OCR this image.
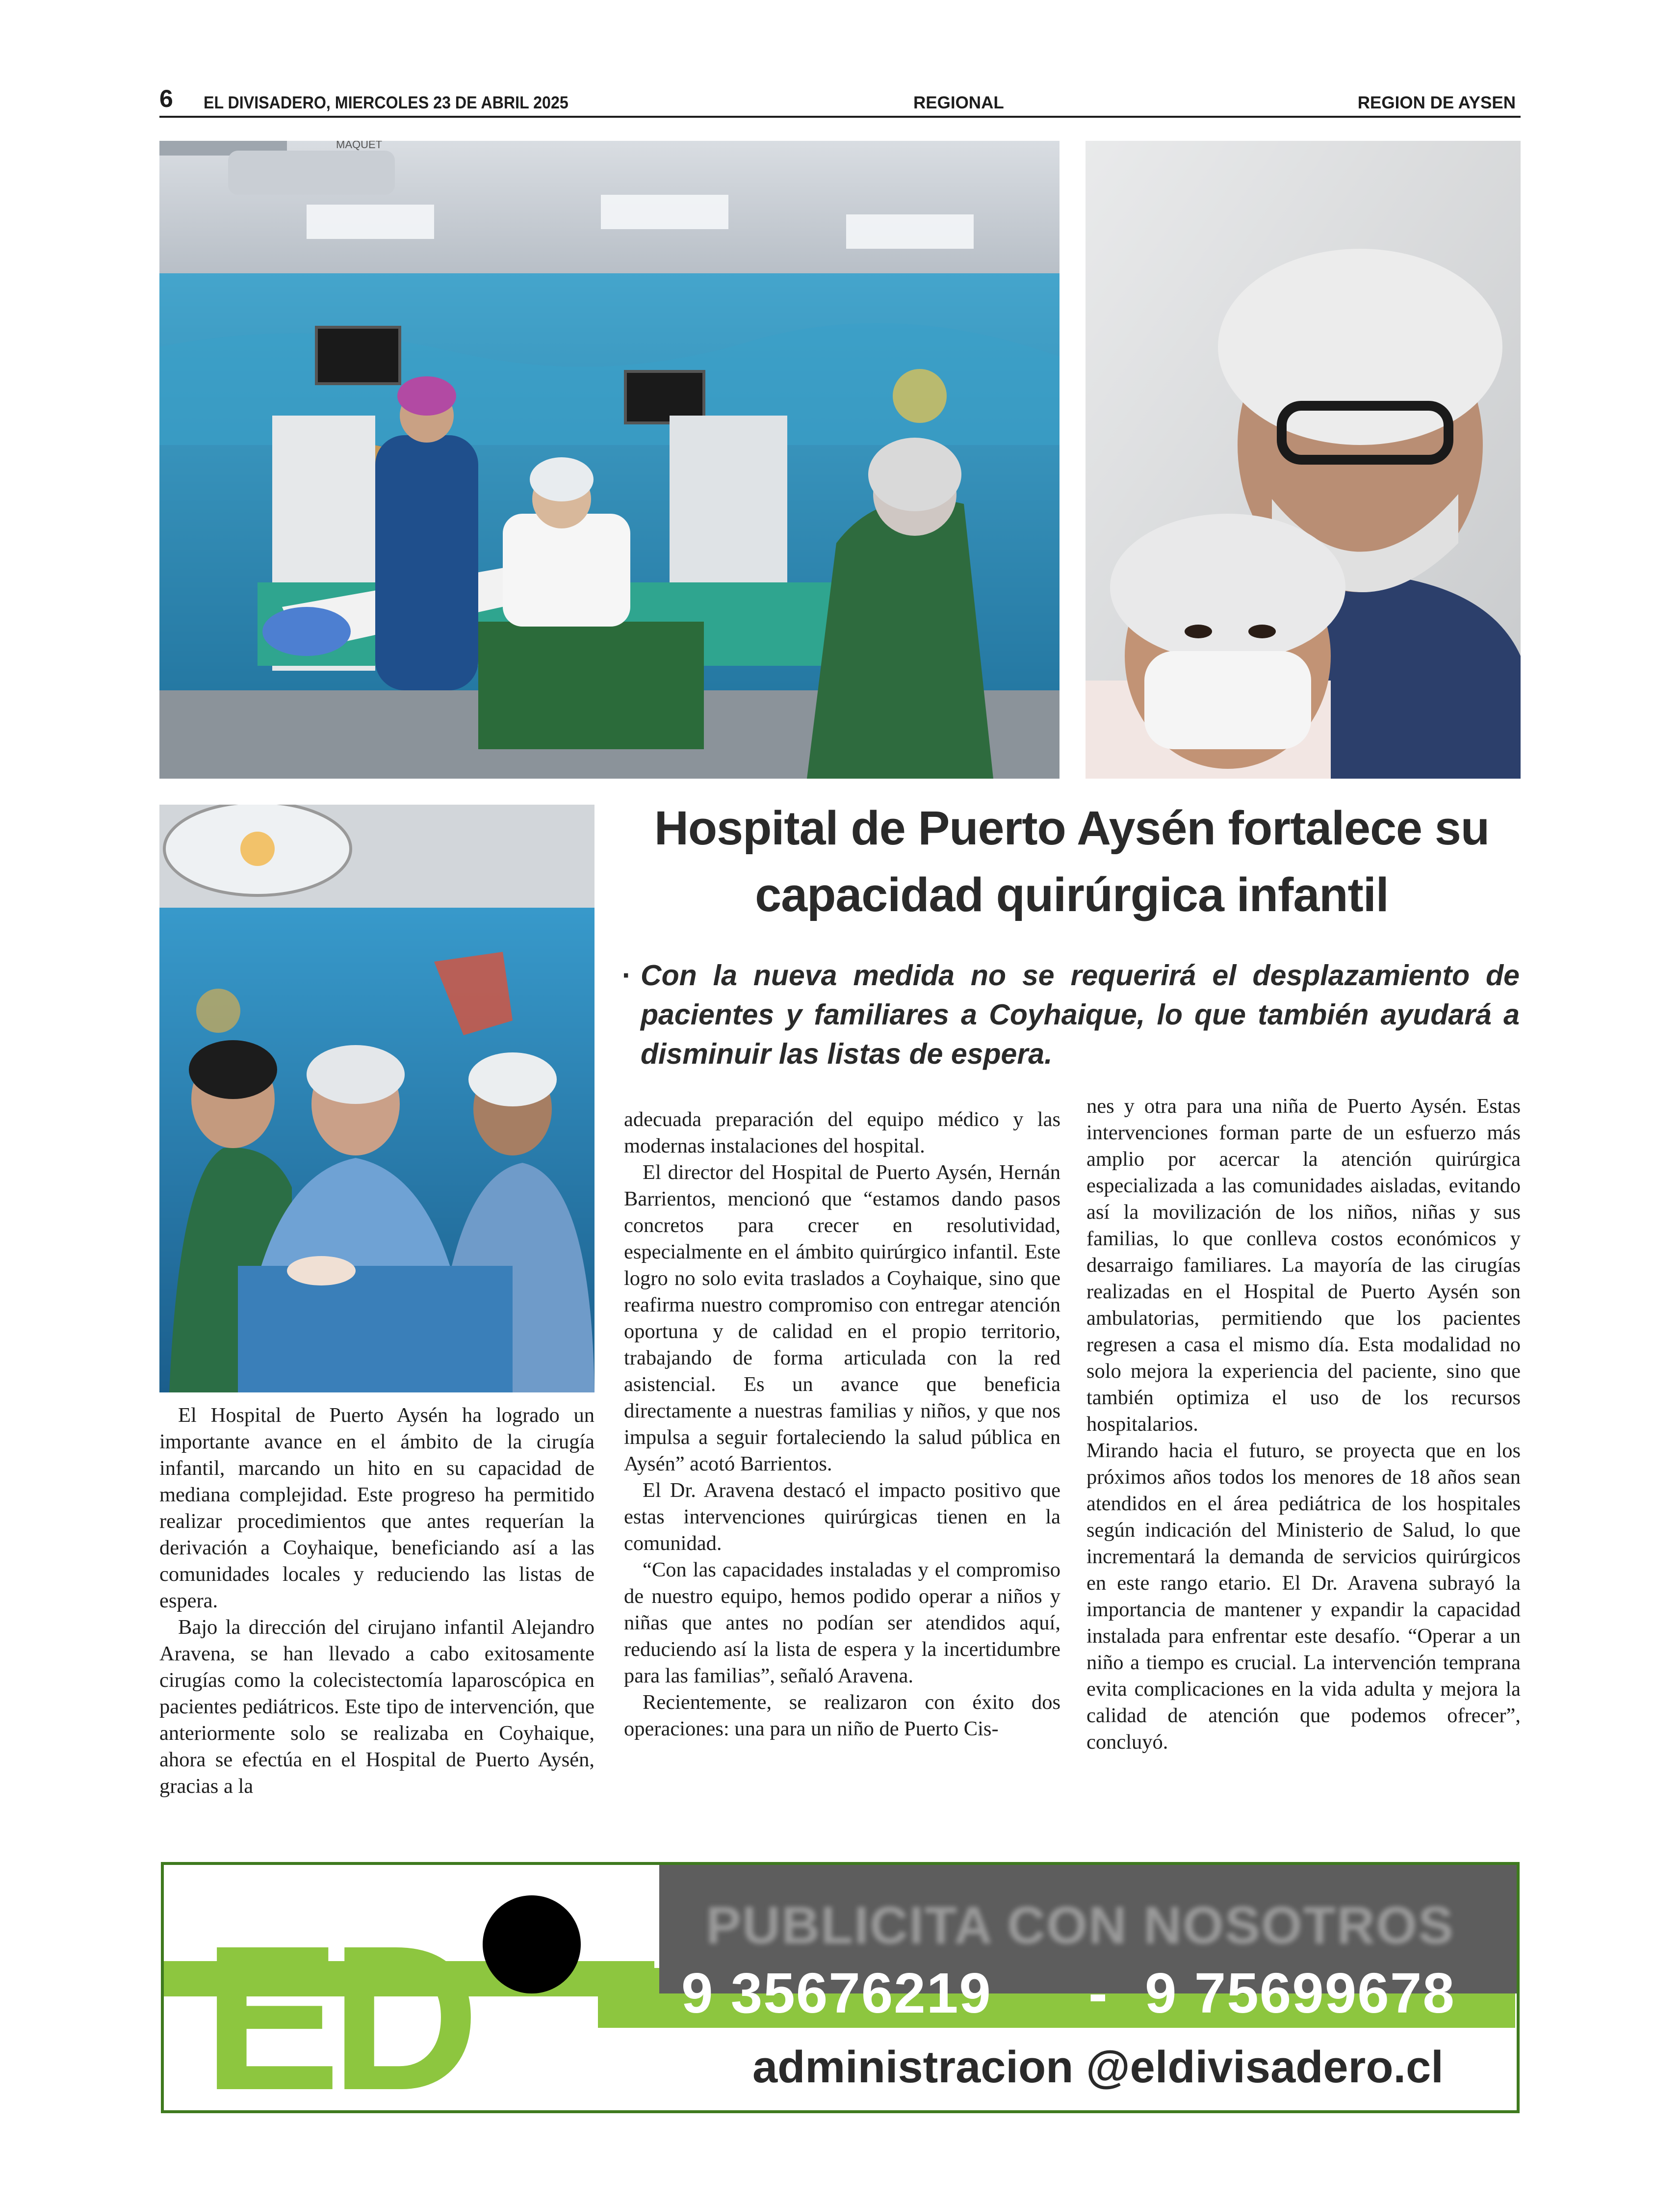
6 EL DIVISADERO, MIERCOLES 23 DE ABRIL 2025	REGIONAL	REGION DE AYSEN
MAQUET
Hospital de Puerto Aysén fortalece su
capacidad quirúrgica infantil
· Con la nueva medida no se requerirá el desplazamiento de pacientes y familiares a Coyhaique, lo que también ayudará a disminuir las listas de espera.

El Hospital de Puerto Aysén ha logrado un importante avance en el ámbito de la cirugía infantil, marcando un hito en su capacidad de mediana complejidad. Este progreso ha permitido realizar procedimientos que antes requerían la derivación a Coyhaique, beneficiando así a las comunidades locales y reduciendo las listas de espera.

Bajo la dirección del cirujano infantil Alejandro Aravena, se han llevado a cabo exitosamente cirugías como la colecistectomía laparoscópica en pacientes pediátricos. Este tipo de intervención, que anteriormente solo se realizaba en Coyhaique, ahora se efectúa en el Hospital de Puerto Aysén, gracias a la

adecuada preparación del equipo médico y las modernas instalaciones del hospital.

El director del Hospital de Puerto Aysén, Hernán Barrientos, mencionó que “estamos dando pasos concretos para crecer en resolutividad, especialmente en el ámbito quirúrgico infantil. Este logro no solo evita traslados a Coyhaique, sino que reafirma nuestro compromiso con entregar atención oportuna y de calidad en el propio territorio, trabajando de forma articulada con la red asistencial. Es un avance que beneficia directamente a nuestras familias y niños, y que nos impulsa a seguir fortaleciendo la salud pública en Aysén” acotó Barrientos.

El Dr. Aravena destacó el impacto positivo que estas intervenciones quirúrgicas tienen en la comunidad.

“Con las capacidades instaladas y el compromiso de nuestro equipo, hemos podido operar a niños y niñas que antes no podían ser atendidos aquí, reduciendo así la lista de espera y la incertidumbre para las familias”, señaló Aravena.

Recientemente, se realizaron con éxito dos operaciones: una para un niño de Puerto Cis-

nes y otra para una niña de Puerto Aysén. Estas intervenciones forman parte de un esfuerzo más amplio por acercar la atención quirúrgica especializada a las comunidades aisladas, evitando así la movilización de los niños, niñas y sus familias, lo que conlleva costos económicos y desarraigo familiares. La mayoría de las cirugías realizadas en el Hospital de Puerto Aysén son ambulatorias, permitiendo que los pacientes regresen a casa el mismo día. Esta modalidad no solo mejora la experiencia del paciente, sino que también optimiza el uso de los recursos hospitalarios.

Mirando hacia el futuro, se proyecta que en los próximos años todos los menores de 18 años sean atendidos en el área pediátrica de los hospitales según indicación del Ministerio de Salud, lo que incrementará la demanda de servicios quirúrgicos en este rango etario. El Dr. Aravena subrayó la importancia de mantener y expandir la capacidad instalada para enfrentar este desafío. “Operar a un niño a tiempo es crucial. La intervención temprana evita complicaciones en la vida adulta y mejora la calidad de atención que podemos ofrecer”, concluyó.

ED	PUBLICITA CON NOSOTROS
9 35676219 - 9 75699678
administracion @eldivisadero.cl
